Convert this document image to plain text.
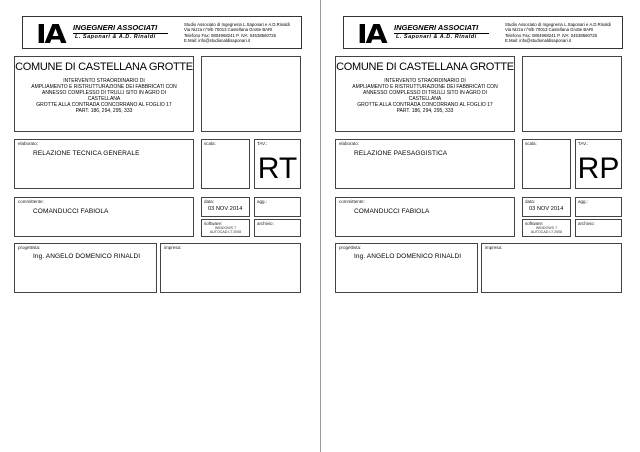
IA INGEGNERI ASSOCIATI
L. Saponari & A.D. Rinaldi
Studio Associato di Ingegneria L.Saponari e A.D.Rinaldi
Via Nizza n°9/b 70013 Castellana Grotte BARI
Telefono Fax: 0804968241 P. IVA: 04538560725
E.Mail: info@studionaldisaponari.it
COMUNE DI CASTELLANA GROTTE
INTERVENTO STRAORDINARIO DI
AMPLIAMENTO E RISTRUTTURAZIONE DEI FABBRICATI CON
ANNESSO COMPLESSO DI TRULLI SITO IN AGRO DI
CASTELLANA
GROTTE ALLA CONTRADA CONCORRANO AL FOGLIO 17
PART. 186, 294, 295, 333
elaborato:
RELAZIONE TECNICA GENERALE
scala:	TAV.:
RT
committente:
COMANDUCCI FABIOLA
data:
03 NOV 2014
agg.:
software:
WINDOWS 7
AUTOCAD LT 2008
archivio:
progettista:
Ing. ANGELO DOMENICO RINALDI
impresa:
IA INGEGNERI ASSOCIATI
L. Saponari & A.D. Rinaldi
Studio Associato di Ingegneria L.Saponari e A.D.Rinaldi
Via Nizza n°9/b 70013 Castellana Grotte BARI
Telefono Fax: 0804968241 P. IVA: 04538560725
E.Mail: info@studionaldisaponari.it
COMUNE DI CASTELLANA GROTTE
INTERVENTO STRAORDINARIO DI
AMPLIAMENTO E RISTRUTTURAZIONE DEI FABBRICATI CON
ANNESSO COMPLESSO DI TRULLI SITO IN AGRO DI
CASTELLANA
GROTTE ALLA CONTRADA CONCORRANO AL FOGLIO 17
PART. 186, 294, 295, 333
elaborato:
RELAZIONE PAESAGGISTICA
scala:	TAV.:
RP
committente:
COMANDUCCI FABIOLA
data:
03 NOV 2014
agg.:
software:
WINDOWS 7
AUTOCAD LT 2008
archivio:
progettista:
Ing. ANGELO DOMENICO RINALDI
impresa:
